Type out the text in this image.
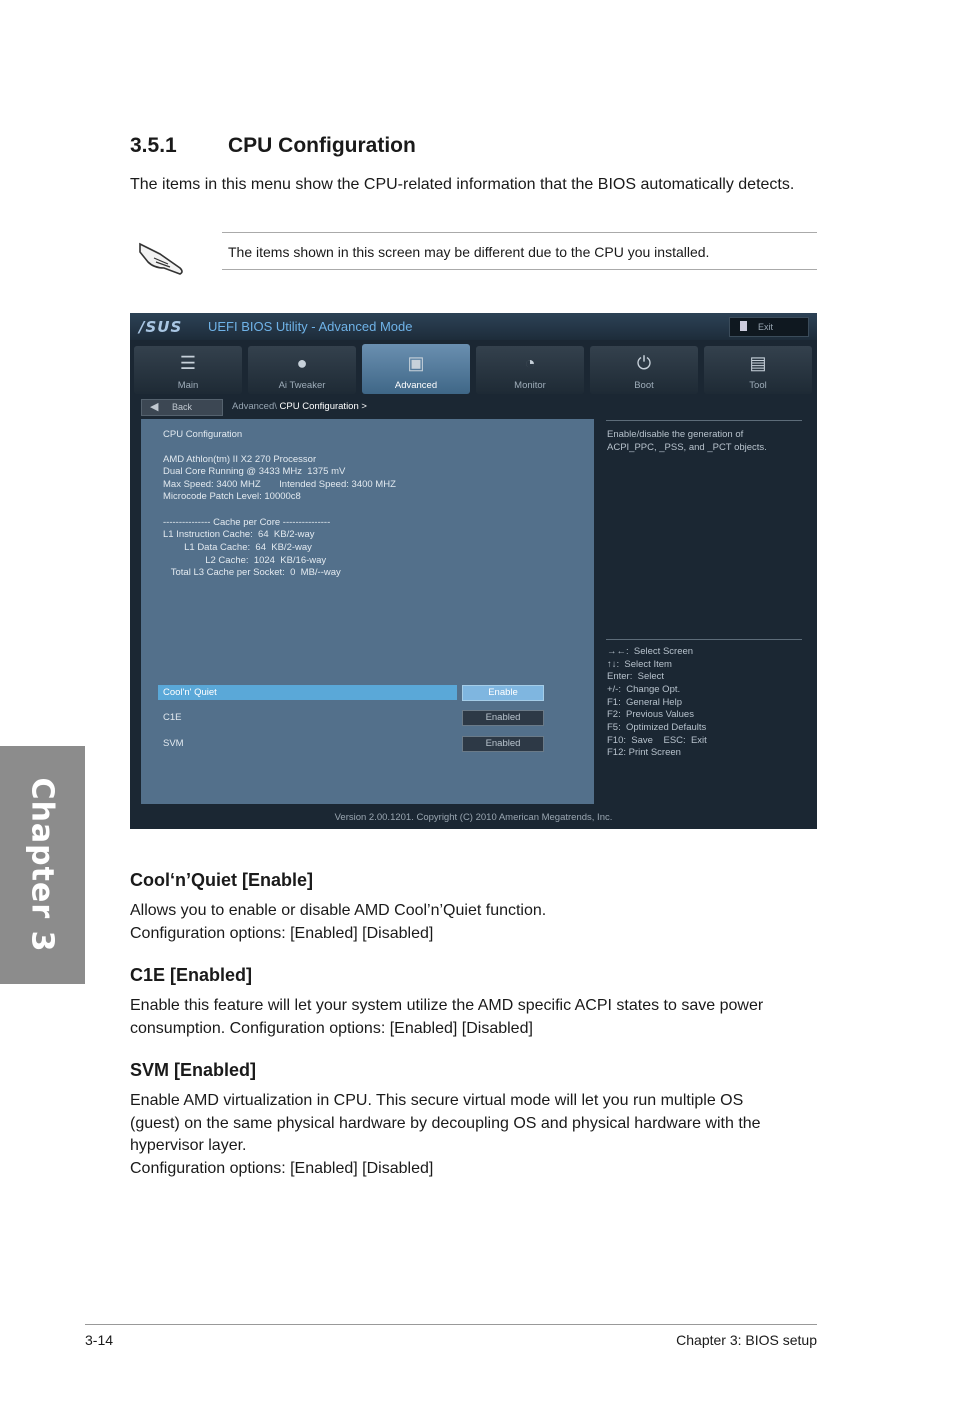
Chapter 3
3.5.1 CPU Configuration
The items in this menu show the CPU-related information that the BIOS automatically detects.
The items shown in this screen may be different due to the CPU you installed.
/SUS UEFI BIOS Utility - Advanced Mode	Exit
☰
Main
●
Ai Tweaker
▣
Advanced
◔
Monitor
⏻
Boot
▤
Tool
◀ Back	Advanced\ CPU Configuration >
CPU Configuration
AMD Athlon(tm) II X2 270 Processor
Dual Core Running @ 3433 MHz  1375 mV
Max Speed: 3400 MHZ       Intended Speed: 3400 MHZ
Microcode Patch Level: 10000c8
--------------- Cache per Core ---------------
L1 Instruction Cache:  64  KB/2-way
L1 Data Cache:  64  KB/2-way
L2 Cache:  1024  KB/16-way
Total L3 Cache per Socket:  0  MB/--way
Cool'n' Quiet	Enable
C1E	Enabled
SVM	Enabled
Enable/disable the generation of
ACPI_PPC, _PSS, and _PCT objects.
→←:  Select Screen
↑↓:  Select Item
Enter:  Select
+/-:  Change Opt.
F1:  General Help
F2:  Previous Values
F5:  Optimized Defaults
F10:  Save    ESC:  Exit
F12: Print Screen
Version 2.00.1201. Copyright (C) 2010 American Megatrends, Inc.
Cool‘n’Quiet [Enable]
Allows you to enable or disable AMD Cool’n’Quiet function.
Configuration options: [Enabled] [Disabled]
C1E [Enabled]
Enable this feature will let your system utilize the AMD specific ACPI states to save power
consumption. Configuration options: [Enabled] [Disabled]
SVM [Enabled]
Enable AMD virtualization in CPU. This secure virtual mode will let you run multiple OS
(guest) on the same physical hardware by decoupling OS and physical hardware with the
hypervisor layer.
Configuration options: [Enabled] [Disabled]
3-14	Chapter 3: BIOS setup
